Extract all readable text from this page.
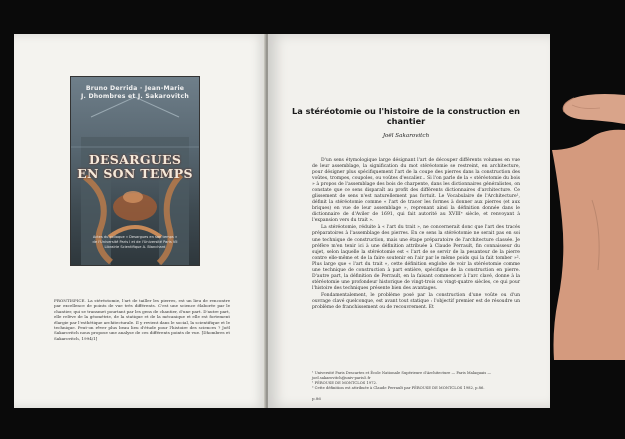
Bruno Derrida · Jean-Marie
J. Dhombres et J. Sakarovitch
DESARGUES
EN SON TEMPS
Actes du colloque « Desargues en son temps »
de l'Université Paris I et de l'Université Paris VII
Librairie Scientifique A. Blanchard
FRONTISPICE. La stéréotomie, l'art de tailler les pierres, est un lieu de rencontre par excellence de points de vue très différents. C'est une science élaborée par le chantier, qui se transmet pourtant par les gens de chantier, d'une part. D'autre part, elle relève de la géométrie, de la statique et de la mécanique et elle est fortement élargie par l'esthétique architecturale. Il y revient dans le social, la scientifique et le technique. Peut-on rêver plus beau lieu d'étude pour l'histoire des sciences ? Joël Sakarovitch nous propose une analyse de ces différents points de vue. [Dhombres et Sakarovitch, 1994/1]
La stéréotomie ou l'histoire de la construction en chantier
Joël Sakarovitch

D'un sens étymologique large désignant l'art de découper différents volumes en vue de leur assemblage, la signification du mot stéréotomie se restreint, en architecture, pour désigner plus spécifiquement l'art de la coupe des pierres dans la construction des voûtes, trompes, coupoles, ou voûtes d'escalier... Si l'on parle de la « stéréotomie du bois » à propos de l'assemblage des bois de charpente, dans les dictionnaires généralistes, on constate que ce sens disparaît au profit des différents dictionnaires d'architecture. Ce glissement de sens n'est naturellement pas fortuit. Le Vocabulaire de l'Architecture¹, définit la stéréotomie comme « l'art de tracer les formes à donner aux pierres (et aux briques) en vue de leur assemblage », reprenant ainsi la définition donnée dans le dictionnaire de d'Aviler de 1691, qui fait autorité au XVIIIᵉ siècle, et renvoyant à l'expansion vers du trait ».

La stéréotomie, réduite à « l'art du trait », ne concernerait donc que l'art des tracés préparatoires à l'assemblage des pierres. En ce sens la stéréotomie ne serait pas en soi une technique de construction, mais une étape préparatoire de l'architecture classée. Je préfère m'en tenir ici à une définition attribuée à Claude Perrault, fin connaisseur du sujet, selon laquelle la stéréotomie est « l'art de se servir de la pesanteur de la pierre contre elle-même et de la faire soutenir en l'air par le même poids qui la fait tomber »². Plus large que « l'art du trait », cette définition englobe de voir la stéréotomie comme une technique de construction à part entière, spécifique de la construction en pierre. D'autre part, la définition de Perrault, en la faisant commencer à l'arc clavé, donne à la stéréotomie une profondeur historique de vingt-trois ou vingt-quatre siècles, ce qui pour l'histoire des techniques présente bien des avantages.

Fondamentalement, le problème posé par la construction d'une voûte ou d'un ouvrage clavé quelconque, est avant tout statique : l'objectif premier est de résoudre un problème de franchissement ou de recouvrement. Et

¹ Université Paris Descartes et École Nationale Supérieure d'Architecture — Paris Malaquais — joel.sakarovitch@univ-paris5.fr

¹ PÉROUSE DE MONTCLOS 1972.

² Cette définition est attribuée à Claude Perrault par PÉROUSE DE MONTCLOS 1982, p.86.

p.86
